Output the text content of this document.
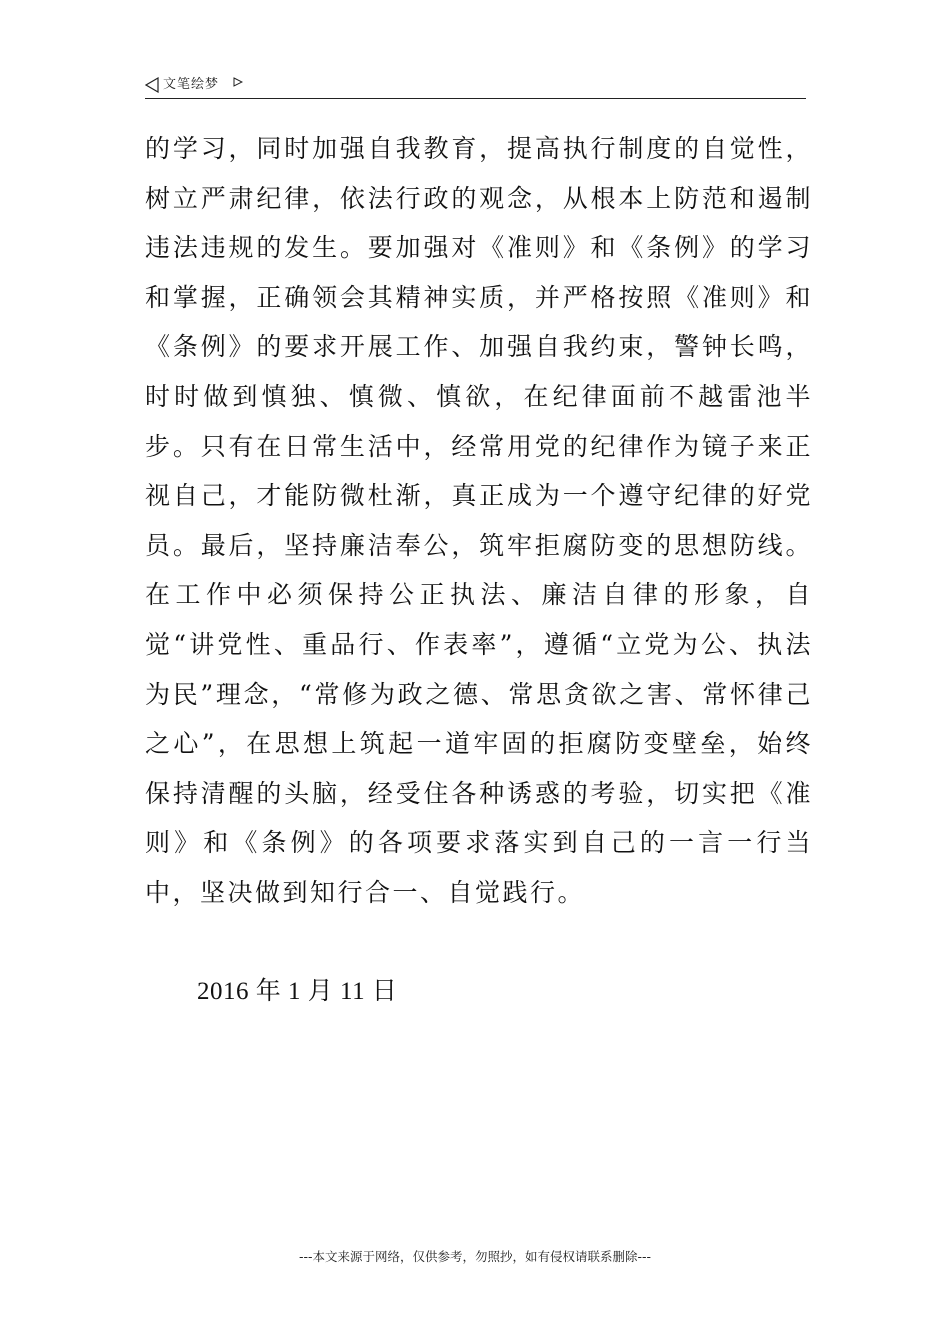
文笔绘梦

的学习，同时加强自我教育，提高执行制度的自觉性，树立严肃纪律，依法行政的观念，从根本上防范和遏制违法违规的发生。要加强对《准则》和《条例》的学习和掌握，正确领会其精神实质，并严格按照《准则》和《条例》的要求开展工作、加强自我约束，警钟长鸣，时时做到慎独、慎微、慎欲，在纪律面前不越雷池半步。只有在日常生活中，经常用党的纪律作为镜子来正视自己，才能防微杜渐，真正成为一个遵守纪律的好党员。最后，坚持廉洁奉公，筑牢拒腐防变的思想防线。在工作中必须保持公正执法、廉洁自律的形象，自觉“讲党性、重品行、作表率”，遵循“立党为公、执法为民”理念，“常修为政之德、常思贪欲之害、常怀律己之心”，在思想上筑起一道牢固的拒腐防变壁垒，始终保持清醒的头脑，经受住各种诱惑的考验，切实把《准则》和《条例》的各项要求落实到自己的一言一行当中，坚决做到知行合一、自觉践行。

2016 年 1 月 11 日
---本文来源于网络，仅供参考，勿照抄，如有侵权请联系删除---
